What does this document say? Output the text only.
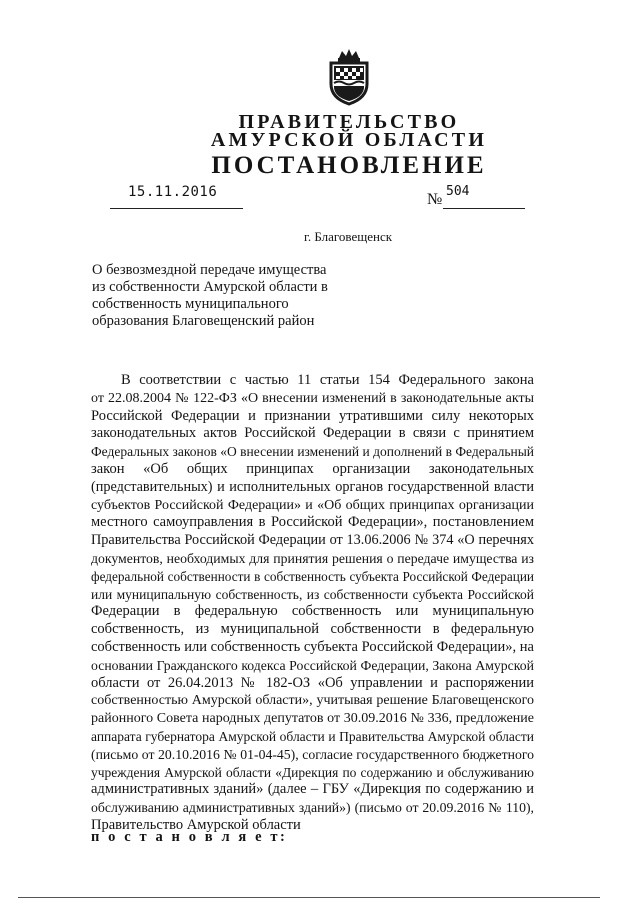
ПРАВИТЕЛЬСТВО
АМУРСКОЙ ОБЛАСТИ
ПОСТАНОВЛЕНИЕ
15.11.2016	№ 504
г. Благовещенск
О безвозмездной передаче имущества
из собственности Амурской области в
собственность муниципального
образования Благовещенский район
В соответствии с частью 11 статьи 154 Федерального закона
от 22.08.2004 № 122-ФЗ «О внесении изменений в законодательные акты
Российской Федерации и признании утратившими силу некоторых
законодательных актов Российской Федерации в связи с принятием
Федеральных законов «О внесении изменений и дополнений в Федеральный
закон «Об общих принципах организации законодательных
(представительных) и исполнительных органов государственной власти
субъектов Российской Федерации» и «Об общих принципах организации
местного самоуправления в Российской Федерации», постановлением
Правительства Российской Федерации от 13.06.2006 № 374 «О перечнях
документов, необходимых для принятия решения о передаче имущества из
федеральной собственности в собственность субъекта Российской Федерации
или муниципальную собственность, из собственности субъекта Российской
Федерации в федеральную собственность или муниципальную
собственность, из муниципальной собственности в федеральную
собственность или собственность субъекта Российской Федерации», на
основании Гражданского кодекса Российской Федерации, Закона Амурской
области от 26.04.2013 № 182-ОЗ «Об управлении и распоряжении
собственностью Амурской области», учитывая решение Благовещенского
районного Совета народных депутатов от 30.09.2016 № 336, предложение
аппарата губернатора Амурской области и Правительства Амурской области
(письмо от 20.10.2016 № 01-04-45), согласие государственного бюджетного
учреждения Амурской области «Дирекция по содержанию и обслуживанию
административных зданий» (далее – ГБУ «Дирекция по содержанию и
обслуживанию административных зданий») (письмо от 20.09.2016 № 110),
Правительство Амурской области
п о с т а н о в л я е т:
